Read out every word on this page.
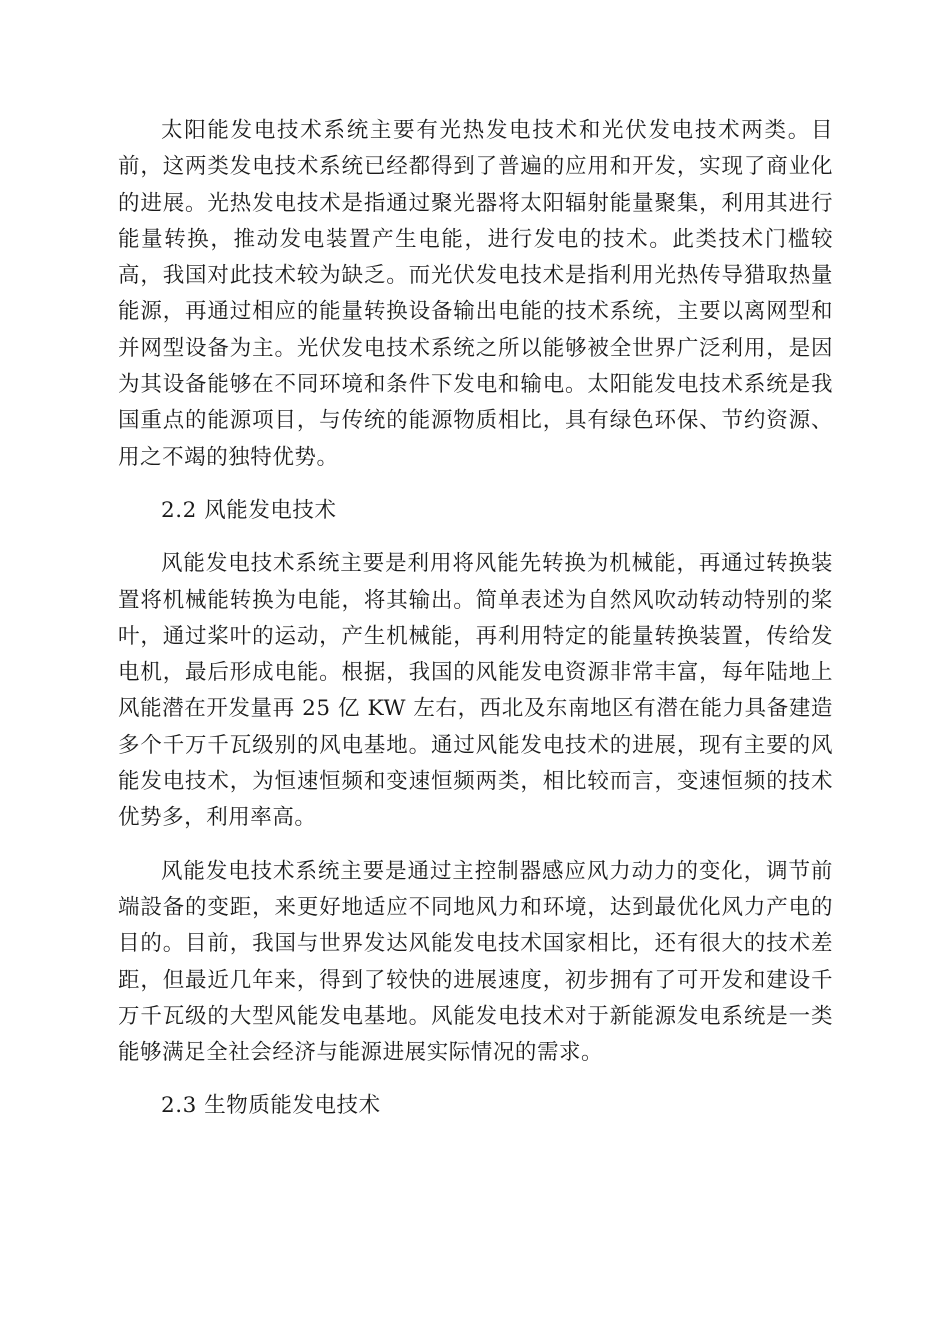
太阳能发电技术系统主要有光热发电技术和光伏发电技术两类。目前，这两类发电技术系统已经都得到了普遍的应用和开发，实现了商业化的进展。光热发电技术是指通过聚光器将太阳辐射能量聚集，利用其进行能量转换，推动发电装置产生电能，进行发电的技术。此类技术门槛较高，我国对此技术较为缺乏。而光伏发电技术是指利用光热传导猎取热量能源，再通过相应的能量转换设备输出电能的技术系统，主要以离网型和并网型设备为主。光伏发电技术系统之所以能够被全世界广泛利用，是因为其设备能够在不同环境和条件下发电和输电。太阳能发电技术系统是我国重点的能源项目，与传统的能源物质相比，具有绿色环保、节约资源、用之不竭的独特优势。

2.2 风能发电技术

风能发电技术系统主要是利用将风能先转换为机械能，再通过转换装置将机械能转换为电能，将其输出。简单表述为自然风吹动转动特别的桨叶，通过桨叶的运动，产生机械能，再利用特定的能量转换装置，传给发电机，最后形成电能。根据，我国的风能发电资源非常丰富，每年陆地上风能潜在开发量再 25 亿 KW 左右，西北及东南地区有潜在能力具备建造多个千万千瓦级别的风电基地。通过风能发电技术的进展，现有主要的风能发电技术，为恒速恒频和变速恒频两类，相比较而言，变速恒频的技术优势多，利用率高。

风能发电技术系统主要是通过主控制器感应风力动力的变化，调节前端設备的变距，来更好地适应不同地风力和环境，达到最优化风力产电的目的。目前，我国与世界发达风能发电技术国家相比，还有很大的技术差距，但最近几年来，得到了较快的进展速度，初步拥有了可开发和建设千万千瓦级的大型风能发电基地。风能发电技术对于新能源发电系统是一类能够满足全社会经济与能源进展实际情况的需求。

2.3 生物质能发电技术
